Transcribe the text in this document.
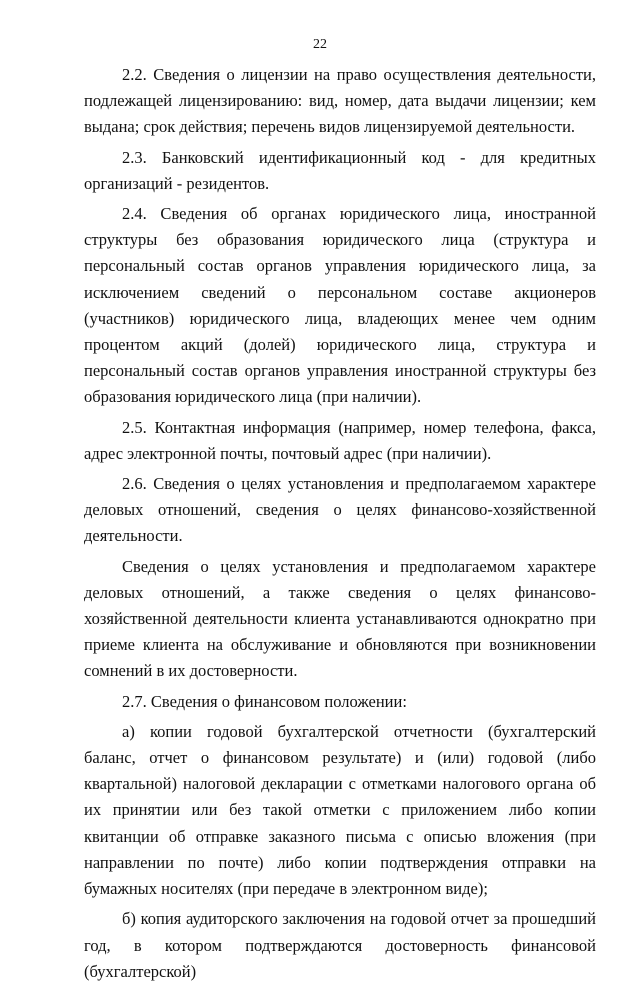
22

2.2. Сведения о лицензии на право осуществления деятельности, подлежащей лицензированию: вид, номер, дата выдачи лицензии; кем выдана; срок действия; перечень видов лицензируемой деятельности.

2.3. Банковский идентификационный код - для кредитных организаций - резидентов.

2.4. Сведения об органах юридического лица, иностранной структуры без образования юридического лица (структура и персональный состав органов управления юридического лица, за исключением сведений о персональном составе акционеров (участников) юридического лица, владеющих менее чем одним процентом акций (долей) юридического лица, структура и персональный состав органов управления иностранной структуры без образования юридического лица (при наличии).

2.5. Контактная информация (например, номер телефона, факса, адрес электронной почты, почтовый адрес (при наличии).

2.6. Сведения о целях установления и предполагаемом характере деловых отношений, сведения о целях финансово-хозяйственной деятельности.

Сведения о целях установления и предполагаемом характере деловых отношений, а также сведения о целях финансово-хозяйственной деятельности клиента устанавливаются однократно при приеме клиента на обслуживание и обновляются при возникновении сомнений в их достоверности.

2.7. Сведения о финансовом положении:

а) копии годовой бухгалтерской отчетности (бухгалтерский баланс, отчет о финансовом результате) и (или) годовой (либо квартальной) налоговой декларации с отметками налогового органа об их принятии или без такой отметки с приложением либо копии квитанции об отправке заказного письма с описью вложения (при направлении по почте) либо копии подтверждения отправки на бумажных носителях (при передаче в электронном виде);

б) копия аудиторского заключения на годовой отчет за прошедший год, в котором подтверждаются достоверность финансовой (бухгалтерской)
